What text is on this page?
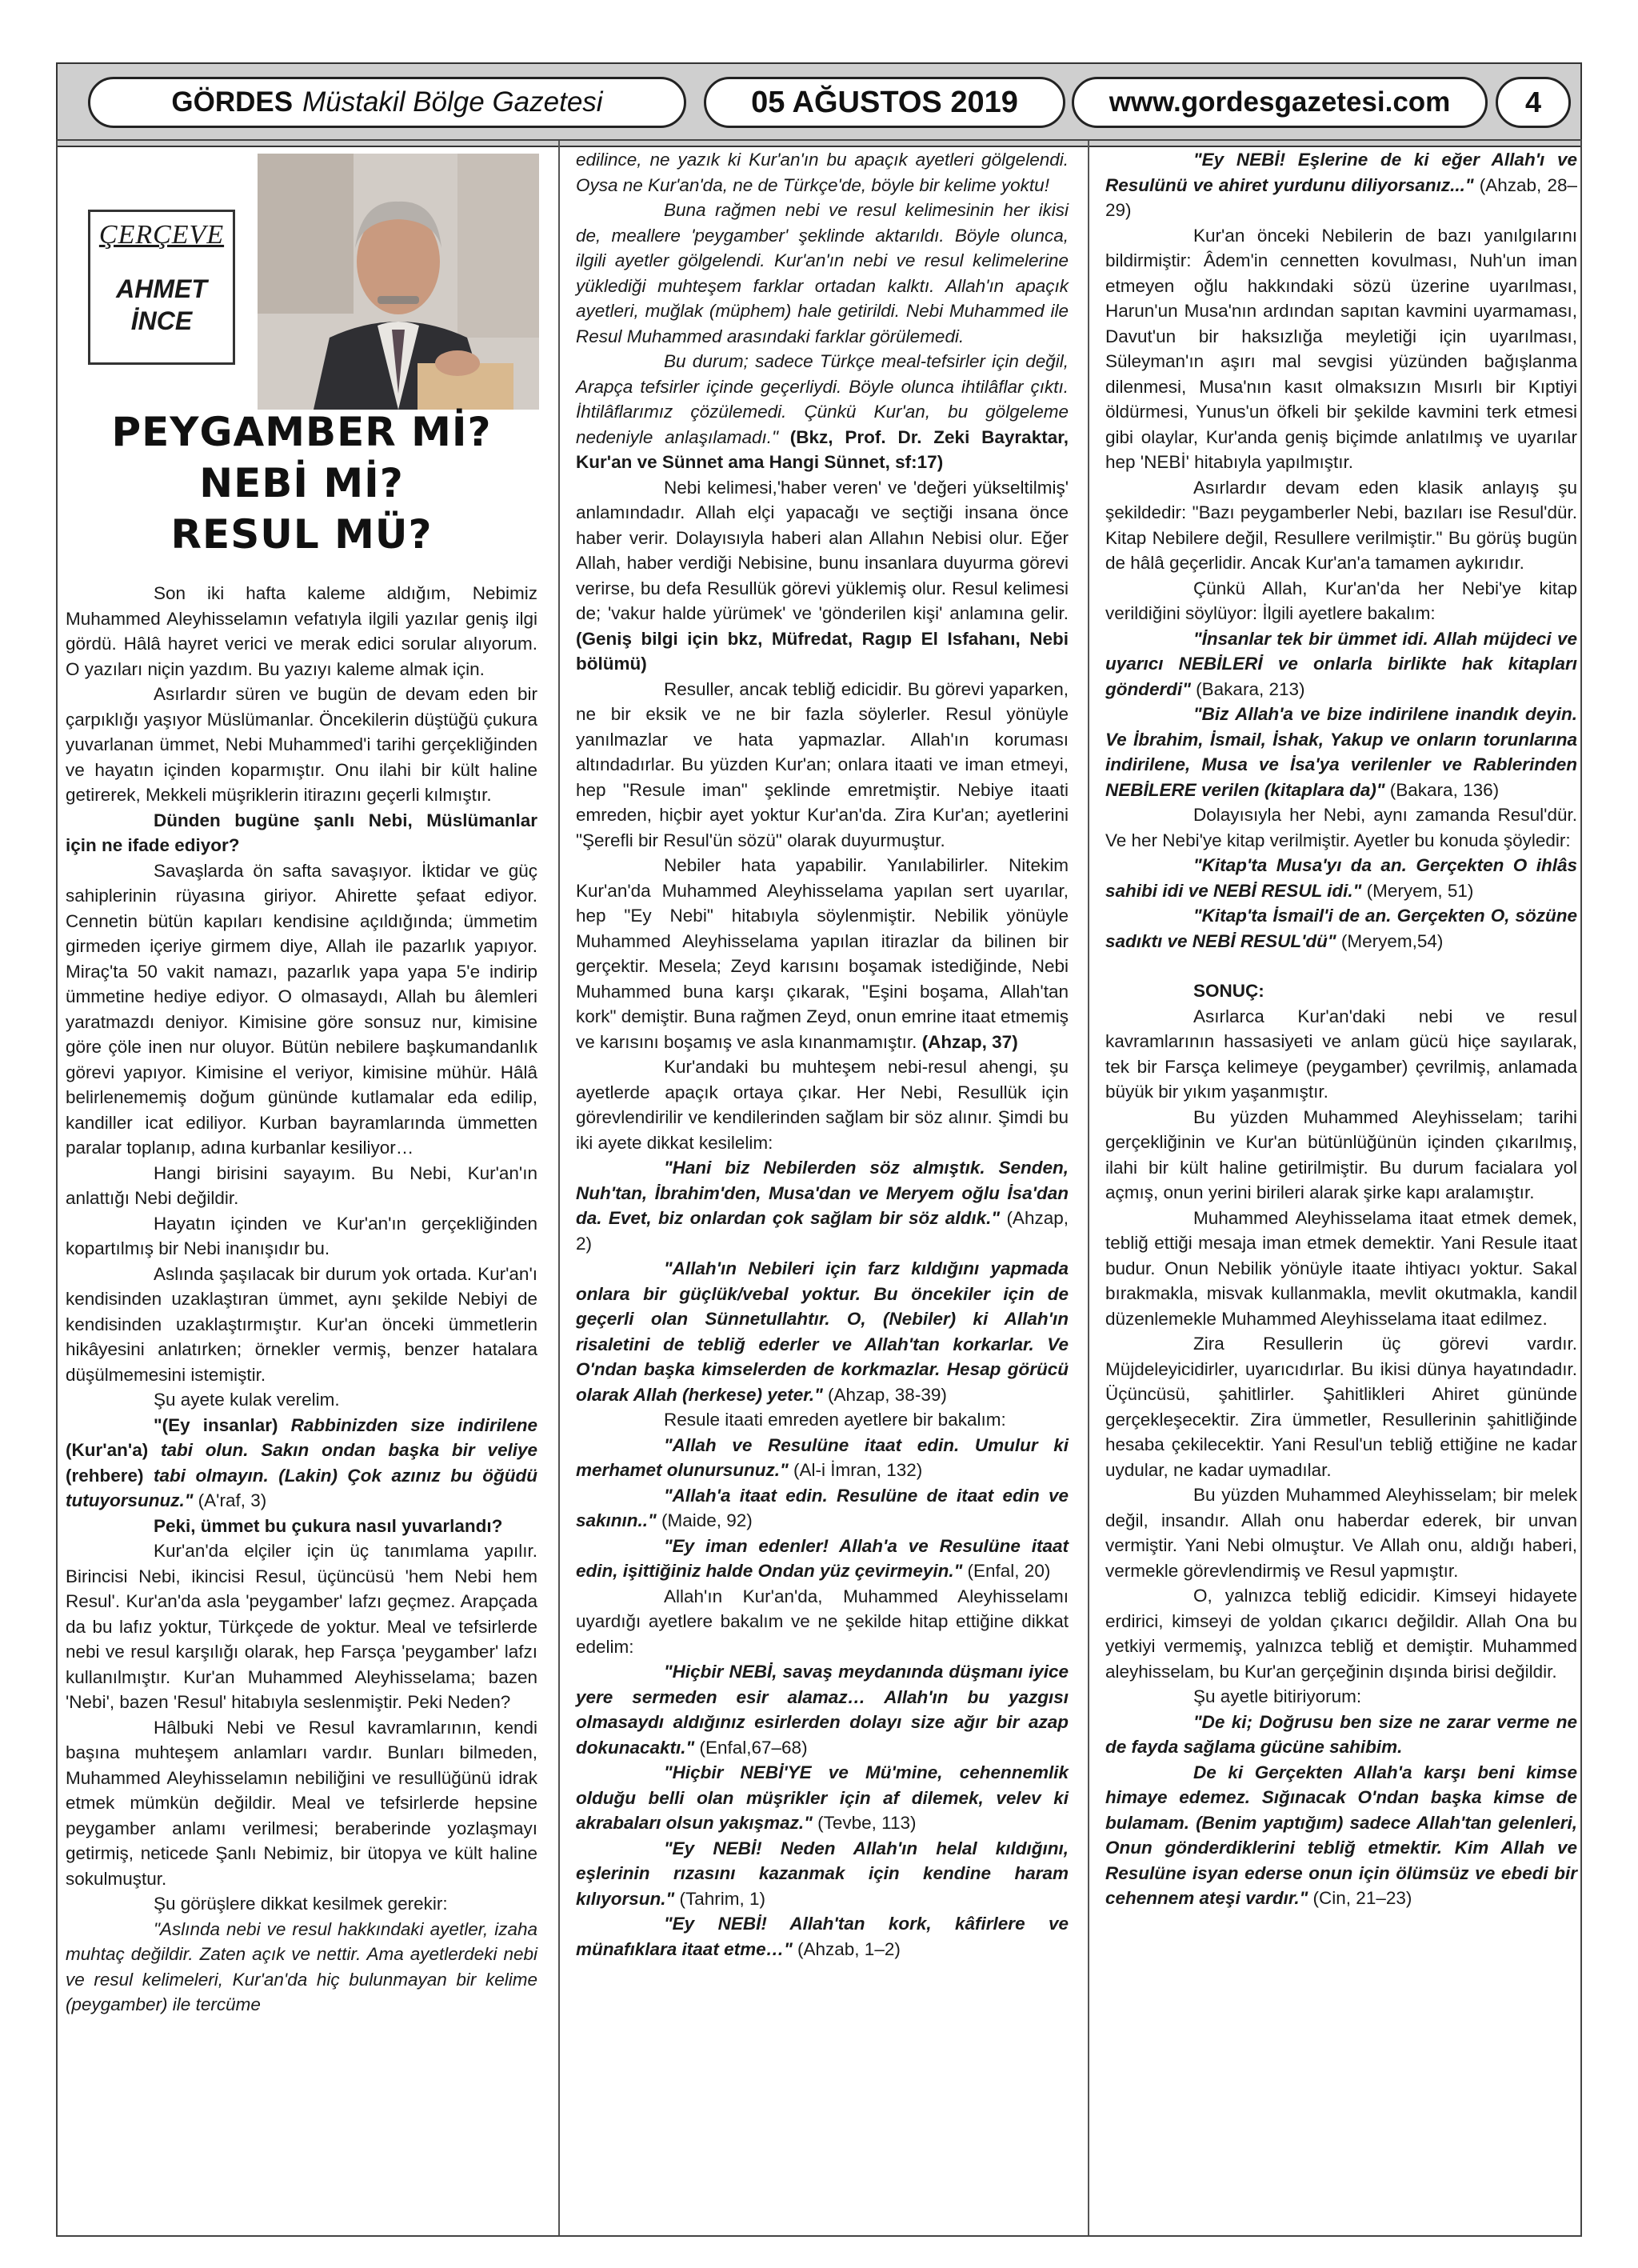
GÖRDES Müstakil Bölge Gazetesi	05 AĞUSTOS 2019	www.gordesgazetesi.com	4
ÇERÇEVE
AHMET
İNCE
PEYGAMBER Mİ?
NEBİ Mİ?
RESUL MÜ?

Son iki hafta kaleme aldığım, Nebimiz Muhammed Aleyhisselamın vefatıyla ilgili yazılar geniş ilgi gördü. Hâlâ hayret verici ve merak edici sorular alıyorum. O yazıları niçin yazdım. Bu yazıyı kaleme almak için.

Asırlardır süren ve bugün de devam eden bir çarpıklığı yaşıyor Müslümanlar. Öncekilerin düştüğü çukura yuvarlanan ümmet, Nebi Muhammed'i tarihi gerçekliğinden ve hayatın içinden koparmıştır. Onu ilahi bir kült haline getirerek, Mekkeli müşriklerin itirazını geçerli kılmıştır.

Dünden bugüne şanlı Nebi, Müslümanlar için ne ifade ediyor?

Savaşlarda ön safta savaşıyor. İktidar ve güç sahiplerinin rüyasına giriyor. Ahirette şefaat ediyor. Cennetin bütün kapıları kendisine açıldığında; ümmetim girmeden içeriye girmem diye, Allah ile pazarlık yapıyor. Miraç'ta 50 vakit namazı, pazarlık yapa yapa 5'e indirip ümmetine hediye ediyor. O olmasaydı, Allah bu âlemleri yaratmazdı deniyor. Kimisine göre sonsuz nur, kimisine göre çöle inen nur oluyor. Bütün nebilere başkumandanlık görevi yapıyor. Kimisine el veriyor, kimisine mühür. Hâlâ belirlenememiş doğum gününde kutlamalar eda edilip, kandiller icat ediliyor. Kurban bayramlarında ümmetten paralar toplanıp, adına kurbanlar kesiliyor…

Hangi birisini sayayım. Bu Nebi, Kur'an'ın anlattığı Nebi değildir.

Hayatın içinden ve Kur'an'ın gerçekliğinden kopartılmış bir Nebi inanışıdır bu.

Aslında şaşılacak bir durum yok ortada. Kur'an'ı kendisinden uzaklaştıran ümmet, aynı şekilde Nebiyi de kendisinden uzaklaştırmıştır. Kur'an önceki ümmetlerin hikâyesini anlatırken; örnekler vermiş, benzer hatalara düşülmemesini istemiştir.

Şu ayete kulak verelim.

"(Ey insanlar) Rabbinizden size indirilene (Kur'an'a) tabi olun. Sakın ondan başka bir veliye (rehbere) tabi olmayın. (Lakin) Çok azınız bu öğüdü tutuyorsunuz." (A'raf, 3)

Peki, ümmet bu çukura nasıl yuvarlandı?

Kur'an'da elçiler için üç tanımlama yapılır. Birincisi Nebi, ikincisi Resul, üçüncüsü 'hem Nebi hem Resul'. Kur'an'da asla 'peygamber' lafzı geçmez. Arapçada da bu lafız yoktur, Türkçede de yoktur. Meal ve tefsirlerde nebi ve resul karşılığı olarak, hep Farsça 'peygamber' lafzı kullanılmıştır. Kur'an Muhammed Aleyhisselama; bazen 'Nebi', bazen 'Resul' hitabıyla seslenmiştir. Peki Neden?

Hâlbuki Nebi ve Resul kavramlarının, kendi başına muhteşem anlamları vardır. Bunları bilmeden, Muhammed Aleyhisselamın nebiliğini ve resullüğünü idrak etmek mümkün değildir. Meal ve tefsirlerde hepsine peygamber anlamı verilmesi; beraberinde yozlaşmayı getirmiş, neticede Şanlı Nebimiz, bir ütopya ve kült haline sokulmuştur.

Şu görüşlere dikkat kesilmek gerekir:

"Aslında nebi ve resul hakkındaki ayetler, izaha muhtaç değildir. Zaten açık ve nettir. Ama ayetlerdeki nebi ve resul kelimeleri, Kur'an'da hiç bulunmayan bir kelime (peygamber) ile tercüme

edilince, ne yazık ki Kur'an'ın bu apaçık ayetleri gölgelendi. Oysa ne Kur'an'da, ne de Türkçe'de, böyle bir kelime yoktu!

Buna rağmen nebi ve resul kelimesinin her ikisi de, meallere 'peygamber' şeklinde aktarıldı. Böyle olunca, ilgili ayetler gölgelendi. Kur'an'ın nebi ve resul kelimelerine yüklediği muhteşem farklar ortadan kalktı. Allah'ın apaçık ayetleri, muğlak (müphem) hale getirildi. Nebi Muhammed ile Resul Muhammed arasındaki farklar görülemedi.

Bu durum; sadece Türkçe meal-tefsirler için değil, Arapça tefsirler içinde geçerliydi. Böyle olunca ihtilâflar çıktı. İhtilâflarımız çözülemedi. Çünkü Kur'an, bu gölgeleme nedeniyle anlaşılamadı." (Bkz, Prof. Dr. Zeki Bayraktar, Kur'an ve Sünnet ama Hangi Sünnet, sf:17)

Nebi kelimesi,'haber veren' ve 'değeri yükseltilmiş' anlamındadır. Allah elçi yapacağı ve seçtiği insana önce haber verir. Dolayısıyla haberi alan Allahın Nebisi olur. Eğer Allah, haber verdiği Nebisine, bunu insanlara duyurma görevi verirse, bu defa Resullük görevi yüklemiş olur. Resul kelimesi de; 'vakur halde yürümek' ve 'gönderilen kişi' anlamına gelir. (Geniş bilgi için bkz, Müfredat, Ragıp El Isfahanı, Nebi bölümü)

Resuller, ancak tebliğ edicidir. Bu görevi yaparken, ne bir eksik ve ne bir fazla söylerler. Resul yönüyle yanılmazlar ve hata yapmazlar. Allah'ın koruması altındadırlar. Bu yüzden Kur'an; onlara itaati ve iman etmeyi, hep "Resule iman" şeklinde emretmiştir. Nebiye itaati emreden, hiçbir ayet yoktur Kur'an'da. Zira Kur'an; ayetlerini "Şerefli bir Resul'ün sözü" olarak duyurmuştur.

Nebiler hata yapabilir. Yanılabilirler. Nitekim Kur'an'da Muhammed Aleyhisselama yapılan sert uyarılar, hep "Ey Nebi" hitabıyla söylenmiştir. Nebilik yönüyle Muhammed Aleyhisselama yapılan itirazlar da bilinen bir gerçektir. Mesela; Zeyd karısını boşamak istediğinde, Nebi Muhammed buna karşı çıkarak, "Eşini boşama, Allah'tan kork" demiştir. Buna rağmen Zeyd, onun emrine itaat etmemiş ve karısını boşamış ve asla kınanmamıştır. (Ahzap, 37)

Kur'andaki bu muhteşem nebi-resul ahengi, şu ayetlerde apaçık ortaya çıkar. Her Nebi, Resullük için görevlendirilir ve kendilerinden sağlam bir söz alınır. Şimdi bu iki ayete dikkat kesilelim:

"Hani biz Nebilerden söz almıştık. Senden, Nuh'tan, İbrahim'den, Musa'dan ve Meryem oğlu İsa'dan da. Evet, biz onlardan çok sağlam bir söz aldık." (Ahzap, 2)

"Allah'ın Nebileri için farz kıldığını yapmada onlara bir güçlük/vebal yoktur. Bu öncekiler için de geçerli olan Sünnetullahtır. O, (Nebiler) ki Allah'ın risaletini de tebliğ ederler ve Allah'tan korkarlar. Ve O'ndan başka kimselerden de korkmazlar. Hesap görücü olarak Allah (herkese) yeter." (Ahzap, 38-39)

Resule itaati emreden ayetlere bir bakalım:

"Allah ve Resulüne itaat edin. Umulur ki merhamet olunursunuz." (Al-i İmran, 132)

"Allah'a itaat edin. Resulüne de itaat edin ve sakının.." (Maide, 92)

"Ey iman edenler! Allah'a ve Resulüne itaat edin, işittiğiniz halde Ondan yüz çevirmeyin." (Enfal, 20)

Allah'ın Kur'an'da, Muhammed Aleyhisselamı uyardığı ayetlere bakalım ve ne şekilde hitap ettiğine dikkat edelim:

"Hiçbir NEBİ, savaş meydanında düşmanı iyice yere sermeden esir alamaz… Allah'ın bu yazgısı olmasaydı aldığınız esirlerden dolayı size ağır bir azap dokunacaktı." (Enfal,67–68)

"Hiçbir NEBİ'YE ve Mü'mine, cehennemlik olduğu belli olan müşrikler için af dilemek, velev ki akrabaları olsun yakışmaz." (Tevbe, 113)

"Ey NEBİ! Neden Allah'ın helal kıldığını, eşlerinin rızasını kazanmak için kendine haram kılıyorsun." (Tahrim, 1)

"Ey NEBİ! Allah'tan kork, kâfirlere ve münafıklara itaat etme…" (Ahzab, 1–2)

"Ey NEBİ! Eşlerine de ki eğer Allah'ı ve Resulünü ve ahiret yurdunu diliyorsanız..." (Ahzab, 28–29)

Kur'an önceki Nebilerin de bazı yanılgılarını bildirmiştir: Âdem'in cennetten kovulması, Nuh'un iman etmeyen oğlu hakkındaki sözü üzerine uyarılması, Harun'un Musa'nın ardından sapıtan kavmini uyarmaması, Davut'un bir haksızlığa meyletiği için uyarılması, Süleyman'ın aşırı mal sevgisi yüzünden bağışlanma dilenmesi, Musa'nın kasıt olmaksızın Mısırlı bir Kıptiyi öldürmesi, Yunus'un öfkeli bir şekilde kavmini terk etmesi gibi olaylar, Kur'anda geniş biçimde anlatılmış ve uyarılar hep 'NEBİ' hitabıyla yapılmıştır.

Asırlardır devam eden klasik anlayış şu şekildedir: "Bazı peygamberler Nebi, bazıları ise Resul'dür. Kitap Nebilere değil, Resullere verilmiştir." Bu görüş bugün de hâlâ geçerlidir. Ancak Kur'an'a tamamen aykırıdır.

Çünkü Allah, Kur'an'da her Nebi'ye kitap verildiğini söylüyor: İlgili ayetlere bakalım:

"İnsanlar tek bir ümmet idi. Allah müjdeci ve uyarıcı NEBİLERİ ve onlarla birlikte hak kitapları gönderdi" (Bakara, 213)

"Biz Allah'a ve bize indirilene inandık deyin. Ve İbrahim, İsmail, İshak, Yakup ve onların torunlarına indirilene, Musa ve İsa'ya verilenler ve Rablerinden NEBİLERE verilen (kitaplara da)" (Bakara, 136)

Dolayısıyla her Nebi, aynı zamanda Resul'dür. Ve her Nebi'ye kitap verilmiştir. Ayetler bu konuda şöyledir:

"Kitap'ta Musa'yı da an. Gerçekten O ihlâs sahibi idi ve NEBİ RESUL idi." (Meryem, 51)

"Kitap'ta İsmail'i de an. Gerçekten O, sözüne sadıktı ve NEBİ RESUL'dü" (Meryem,54)

SONUÇ:

Asırlarca Kur'an'daki nebi ve resul kavramlarının hassasiyeti ve anlam gücü hiçe sayılarak, tek bir Farsça kelimeye (peygamber) çevrilmiş, anlamada büyük bir yıkım yaşanmıştır.

Bu yüzden Muhammed Aleyhisselam; tarihi gerçekliğinin ve Kur'an bütünlüğünün içinden çıkarılmış, ilahi bir kült haline getirilmiştir. Bu durum facialara yol açmış, onun yerini birileri alarak şirke kapı aralamıştır.

Muhammed Aleyhisselama itaat etmek demek, tebliğ ettiği mesaja iman etmek demektir. Yani Resule itaat budur. Onun Nebilik yönüyle itaate ihtiyacı yoktur. Sakal bırakmakla, misvak kullanmakla, mevlit okutmakla, kandil düzenlemekle Muhammed Aleyhisselama itaat edilmez.

Zira Resullerin üç görevi vardır. Müjdeleyicidirler, uyarıcıdırlar. Bu ikisi dünya hayatındadır. Üçüncüsü, şahitlirler. Şahitlikleri Ahiret gününde gerçekleşecektir. Zira ümmetler, Resullerinin şahitliğinde hesaba çekilecektir. Yani Resul'un tebliğ ettiğine ne kadar uydular, ne kadar uymadılar.

Bu yüzden Muhammed Aleyhisselam; bir melek değil, insandır. Allah onu haberdar ederek, bir unvan vermiştir. Yani Nebi olmuştur. Ve Allah onu, aldığı haberi, vermekle görevlendirmiş ve Resul yapmıştır.

O, yalnızca tebliğ edicidir. Kimseyi hidayete erdirici, kimseyi de yoldan çıkarıcı değildir. Allah Ona bu yetkiyi vermemiş, yalnızca tebliğ et demiştir. Muhammed aleyhisselam, bu Kur'an gerçeğinin dışında birisi değildir.

Şu ayetle bitiriyorum:

"De ki; Doğrusu ben size ne zarar verme ne de fayda sağlama gücüne sahibim.

De ki Gerçekten Allah'a karşı beni kimse himaye edemez. Sığınacak O'ndan başka kimse de bulamam. (Benim yaptığım) sadece Allah'tan gelenleri, Onun gönderdiklerini tebliğ etmektir. Kim Allah ve Resulüne isyan ederse onun için ölümsüz ve ebedi bir cehennem ateşi vardır." (Cin, 21–23)
